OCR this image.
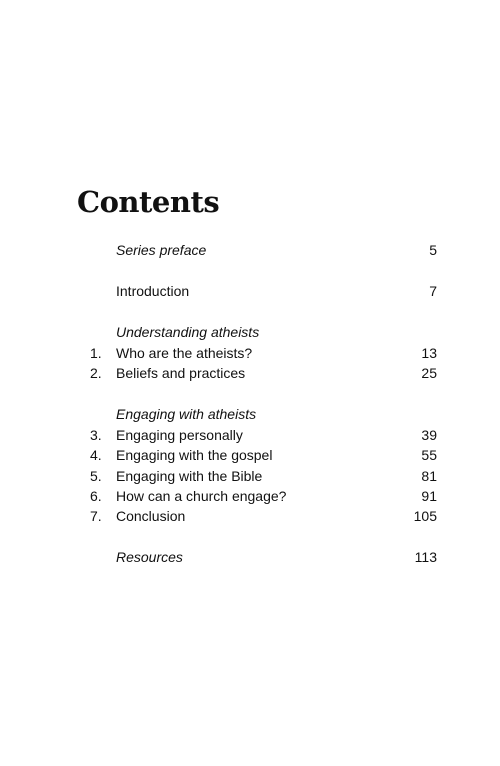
Contents
Series preface	5
Introduction	7
Understanding atheists
1.	Who are the atheists?	13
2.	Beliefs and practices	25
Engaging with atheists
3.	Engaging personally	39
4.	Engaging with the gospel	55
5.	Engaging with the Bible	81
6.	How can a church engage?	91
7.	Conclusion	105
Resources	113
